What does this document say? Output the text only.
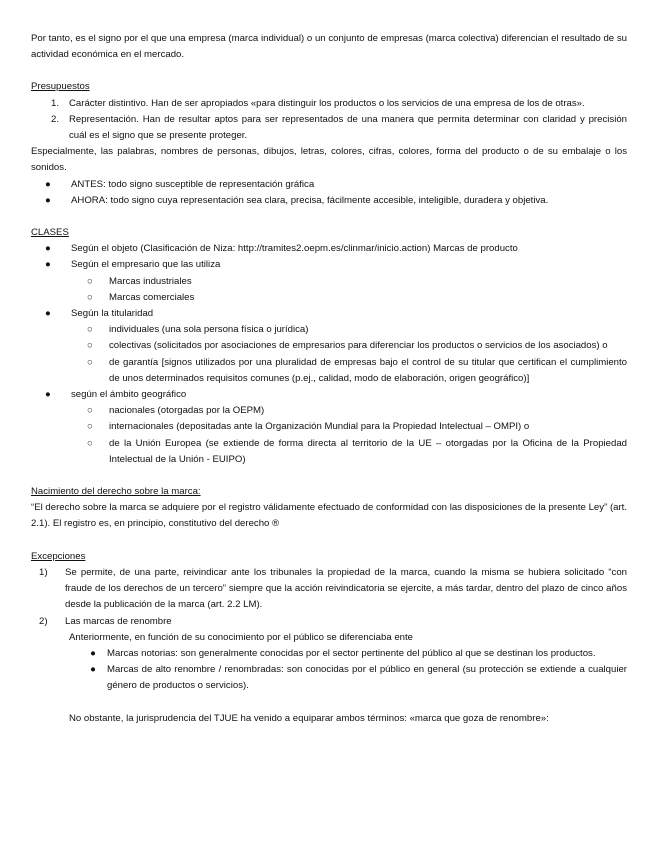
Por tanto, es el signo por el que una empresa (marca individual) o un conjunto de empresas (marca colectiva) diferencian el resultado de su actividad económica en el mercado.

Presupuestos

1.	Carácter distintivo. Han de ser apropiados «para distinguir los productos o los servicios de una empresa de los de otras».
2.	Representación. Han de resultar aptos para ser representados de una manera que permita determinar con claridad y precisión cuál es el signo que se presente proteger.

Especialmente, las palabras, nombres de personas, dibujos, letras, colores, cifras, colores, forma del producto o de su embalaje o los sonidos.

●	ANTES: todo signo susceptible de representación gráfica
●	AHORA: todo signo cuya representación sea clara, precisa, fácilmente accesible, inteligible, duradera y objetiva.

CLASES

●	Según el objeto (Clasificación de Niza: http://tramites2.oepm.es/clinmar/inicio.action) Marcas de producto
●	Según el empresario que las utiliza
○	Marcas industriales
○	Marcas comerciales
●	Según la titularidad
○	individuales (una sola persona física o jurídica)
○	colectivas (solicitados por asociaciones de empresarios para diferenciar los productos o servicios de los asociados) o
○	de garantía [signos utilizados por una pluralidad de empresas bajo el control de su titular que certifican el cumplimiento de unos determinados requisitos comunes (p.ej., calidad, modo de elaboración, origen geográfico)]
●	según el ámbito geográfico
○	nacionales (otorgadas por la OEPM)
○	internacionales (depositadas ante la Organización Mundial para la Propiedad Intelectual – OMPI) o
○	de la Unión Europea (se extiende de forma directa al territorio de la UE – otorgadas por la Oficina de la Propiedad Intelectual de la Unión - EUIPO)

Nacimiento del derecho sobre la marca:

“El derecho sobre la marca se adquiere por el registro válidamente efectuado de conformidad con las disposiciones de la presente Ley” (art. 2.1). El registro es, en principio, constitutivo del derecho ®

Excepciones

1)	Se permite, de una parte, reivindicar ante los tribunales la propiedad de la marca, cuando la misma se hubiera solicitado “con fraude de los derechos de un tercero” siempre que la acción reivindicatoria se ejercite, a más tardar, dentro del plazo de cinco años desde la publicación de la marca (art. 2.2 LM).
2)	Las marcas de renombre

Anteriormente, en función de su conocimiento por el público se diferenciaba ente

●	Marcas notorias: son generalmente conocidas por el sector pertinente del público al que se destinan los productos.
●	Marcas de alto renombre / renombradas: son conocidas por el público en general (su protección se extiende a cualquier género de productos o servicios).

No obstante, la jurisprudencia del TJUE ha venido a equiparar ambos términos: «marca que goza de renombre»:
